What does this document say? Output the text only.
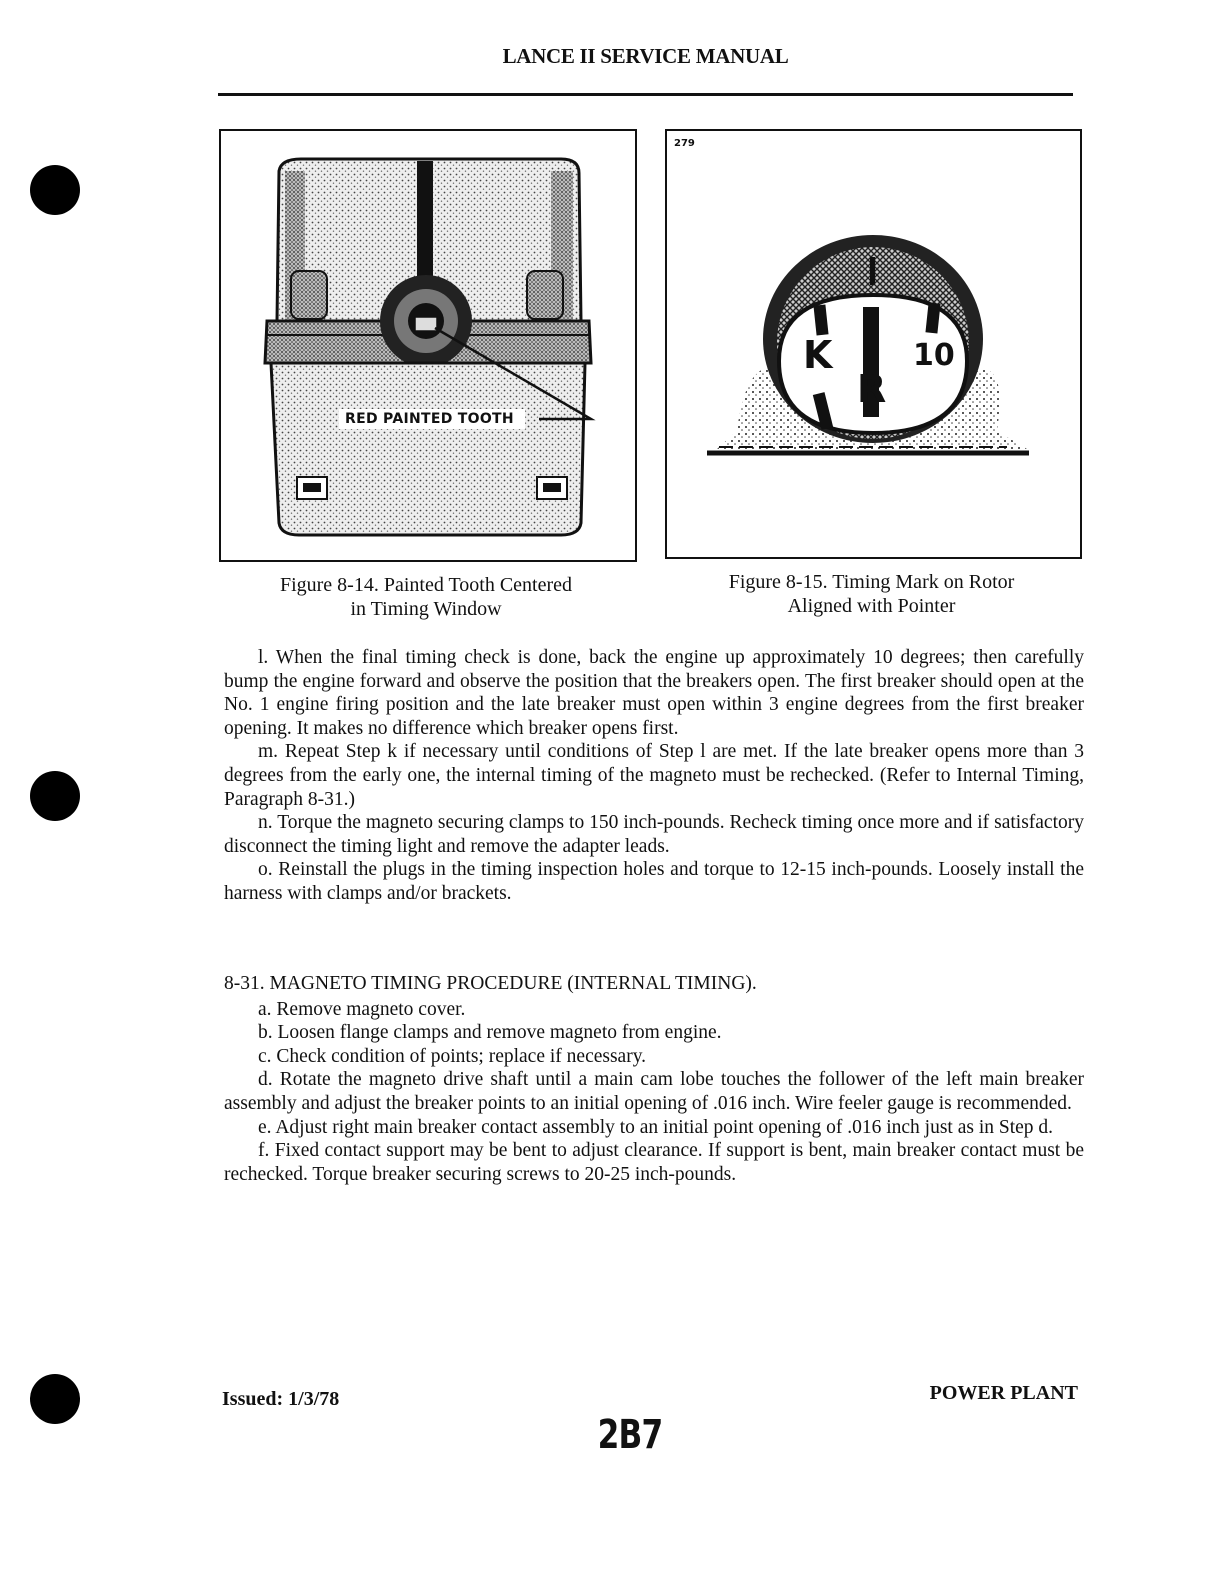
LANCE II SERVICE MANUAL
RED PAINTED TOOTH
279
K	10
R
Figure 8-14. Painted Tooth Centered
in Timing Window
Figure 8-15. Timing Mark on Rotor
Aligned with Pointer

l. When the final timing check is done, back the engine up approximately 10 degrees; then carefully bump the engine forward and observe the position that the breakers open. The first breaker should open at the No. 1 engine firing position and the late breaker must open within 3 engine degrees from the first breaker opening. It makes no difference which breaker opens first.

m. Repeat Step k if necessary until conditions of Step l are met. If the late breaker opens more than 3 degrees from the early one, the internal timing of the magneto must be rechecked. (Refer to Internal Timing, Paragraph 8-31.)

n. Torque the magneto securing clamps to 150 inch-pounds. Recheck timing once more and if satisfactory disconnect the timing light and remove the adapter leads.

o. Reinstall the plugs in the timing inspection holes and torque to 12-15 inch-pounds. Loosely install the harness with clamps and/or brackets.

8-31. MAGNETO TIMING PROCEDURE (INTERNAL TIMING).

a. Remove magneto cover.

b. Loosen flange clamps and remove magneto from engine.

c. Check condition of points; replace if necessary.

d. Rotate the magneto drive shaft until a main cam lobe touches the follower of the left main breaker assembly and adjust the breaker points to an initial opening of .016 inch. Wire feeler gauge is recommended.

e. Adjust right main breaker contact assembly to an initial point opening of .016 inch just as in Step d.

f. Fixed contact support may be bent to adjust clearance. If support is bent, main breaker contact must be rechecked. Torque breaker securing screws to 20-25 inch-pounds.

Issued: 1/3/78	POWER PLANT
2B7
